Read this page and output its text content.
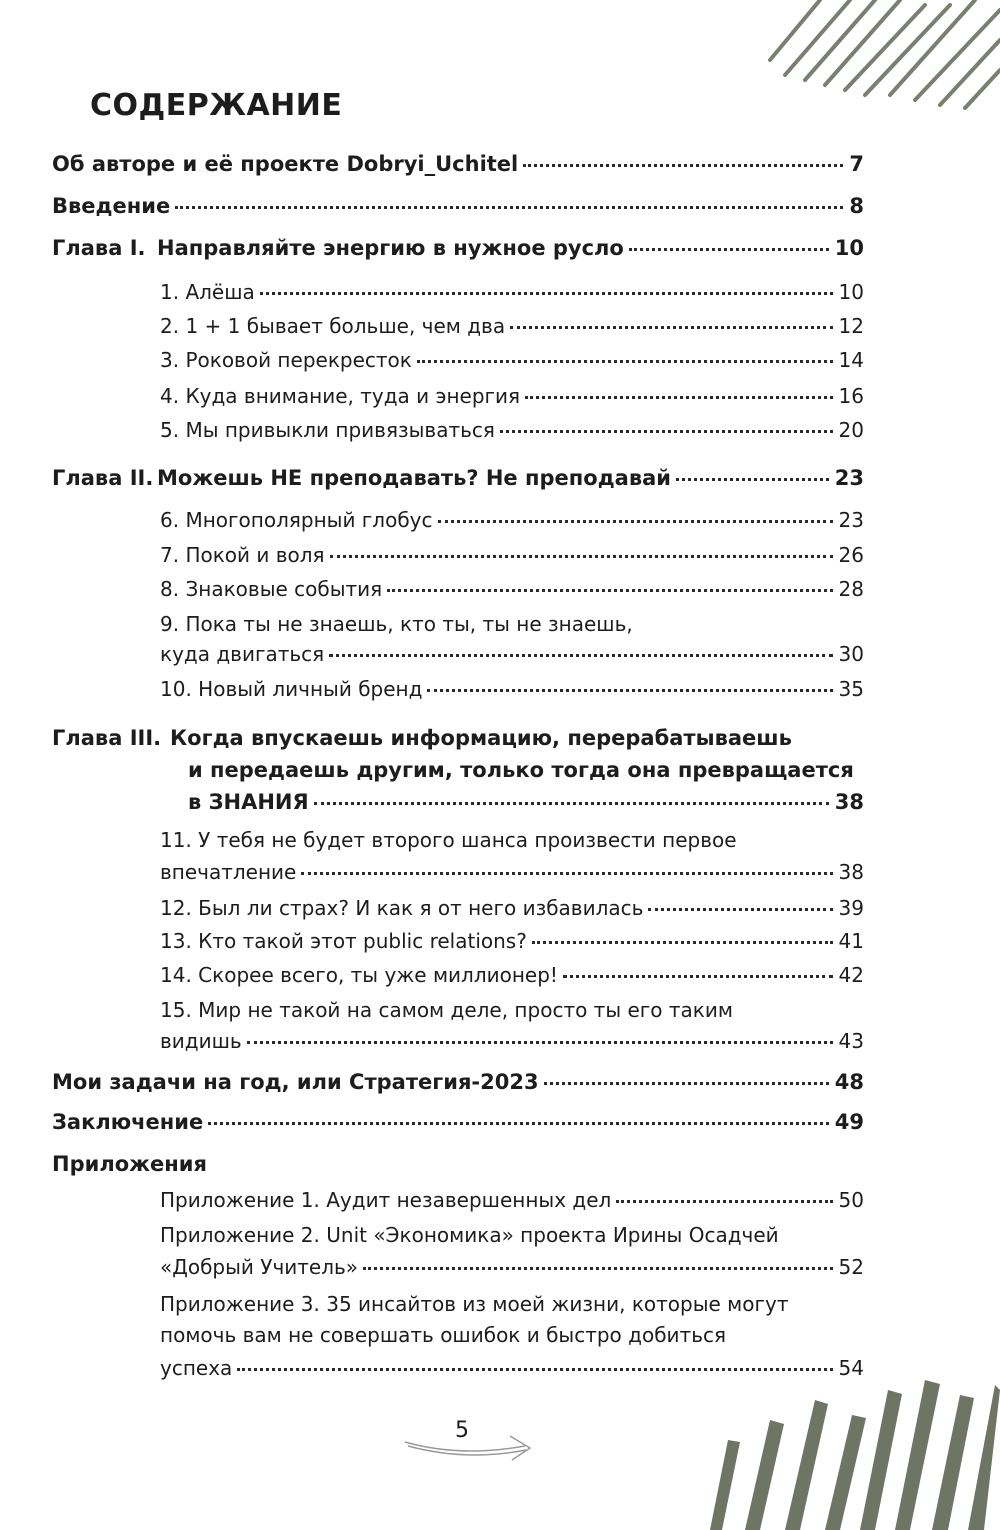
СОДЕРЖАНИЕ
Об авторе и её проекте Dobryi_Uchitel	7
Введение	8
Глава I. Направляйте энергию в нужное русло	10
1. Алёша	10
2. 1 + 1 бывает больше, чем два	12
3. Роковой перекресток	14
4. Куда внимание, туда и энергия	16
5. Мы привыкли привязываться	20
Глава II. Можешь НЕ преподавать? Не преподавай	23
6. Многополярный глобус	23
7. Покой и воля	26
8. Знаковые события	28
9. Пока ты не знаешь, кто ты, ты не знаешь,
куда двигаться	30
10. Новый личный бренд	35
Глава III. Когда впускаешь информацию, перерабатываешь
и передаешь другим, только тогда она превращается
в ЗНАНИЯ	38
11. У тебя не будет второго шанса произвести первое
впечатление	38
12. Был ли страх? И как я от него избавилась	39
13. Кто такой этот public relations?	41
14. Скорее всего, ты уже миллионер!	42
15. Мир не такой на самом деле, просто ты его таким
видишь	43
Мои задачи на год, или Стратегия-2023	48
Заключение	49
Приложения
Приложение 1. Аудит незавершенных дел	50
Приложение 2. Unit «Экономика» проекта Ирины Осадчей
«Добрый Учитель»	52
Приложение 3. 35 инсайтов из моей жизни, которые могут
помочь вам не совершать ошибок и быстро добиться
успеха	54
5
